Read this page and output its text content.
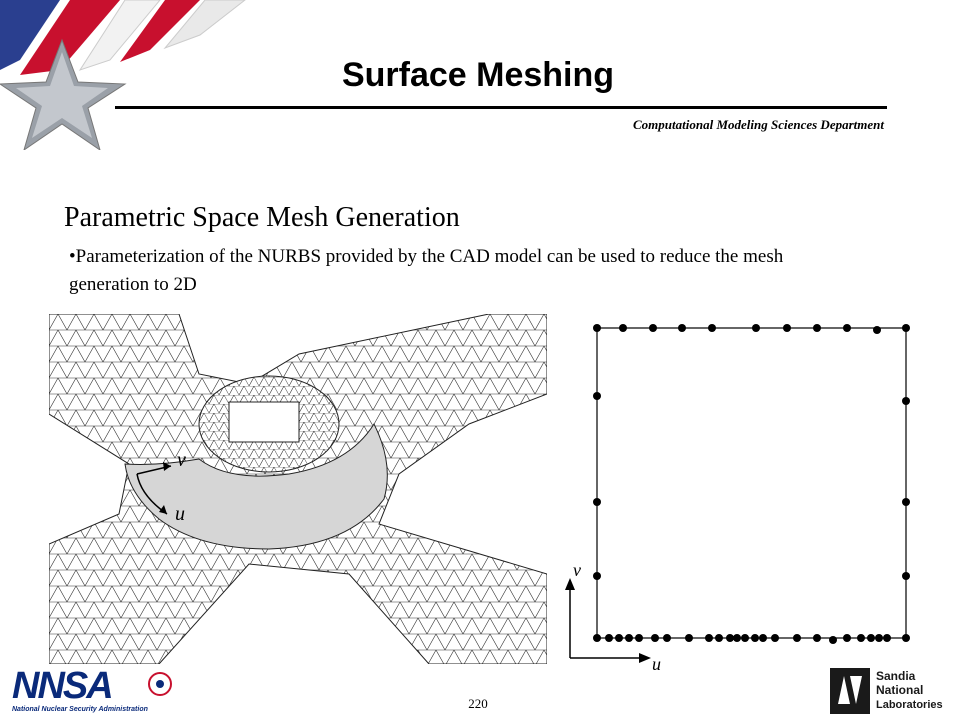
Surface Meshing
Computational Modeling Sciences Department
Parametric Space Mesh Generation
•Parameterization of the NURBS provided by the CAD model can be used to reduce the mesh generation to 2D
v
u
v
u
NNSA
National Nuclear Security Administration
Sandia
National
Laboratories
220
